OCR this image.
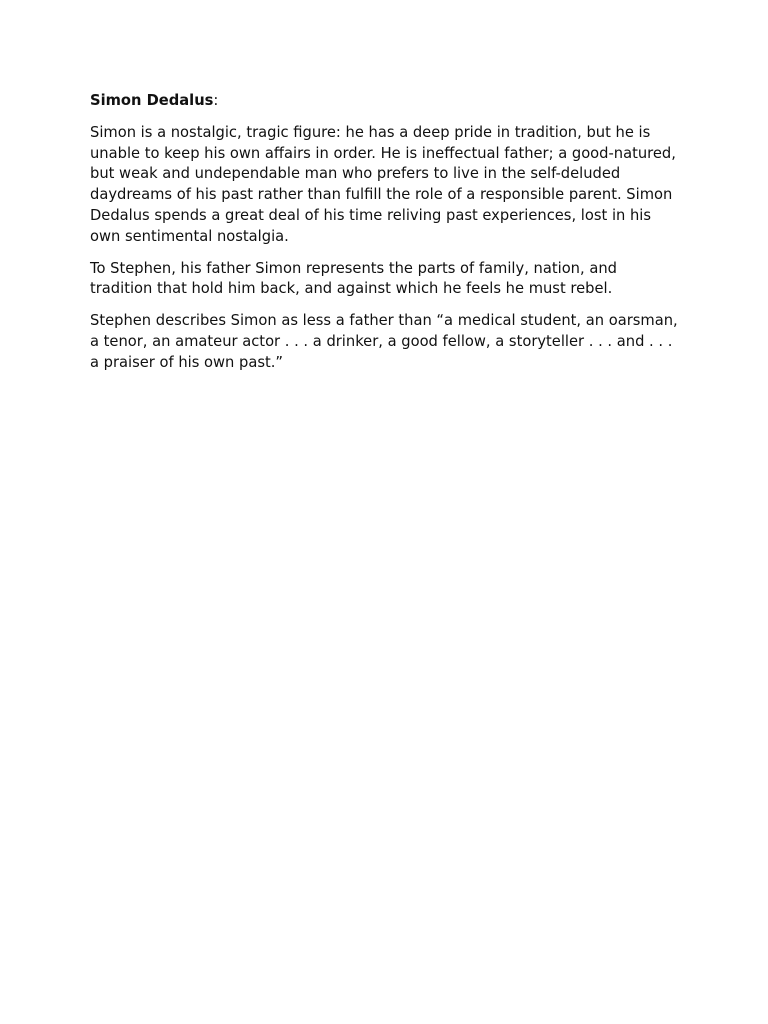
Simon Dedalus:

Simon is a nostalgic, tragic figure: he has a deep pride in tradition, but he is unable to keep his own affairs in order. He is ineffectual father; a good-natured, but weak and undependable man who prefers to live in the self-deluded daydreams of his past rather than fulfill the role of a responsible parent. Simon Dedalus spends a great deal of his time reliving past experiences, lost in his own sentimental nostalgia.

To Stephen, his father Simon represents the parts of family, nation, and tradition that hold him back, and against which he feels he must rebel.

Stephen describes Simon as less a father than “a medical student, an oarsman, a tenor, an amateur actor . . . a drinker, a good fellow, a storyteller . . . and . . . a praiser of his own past.”
